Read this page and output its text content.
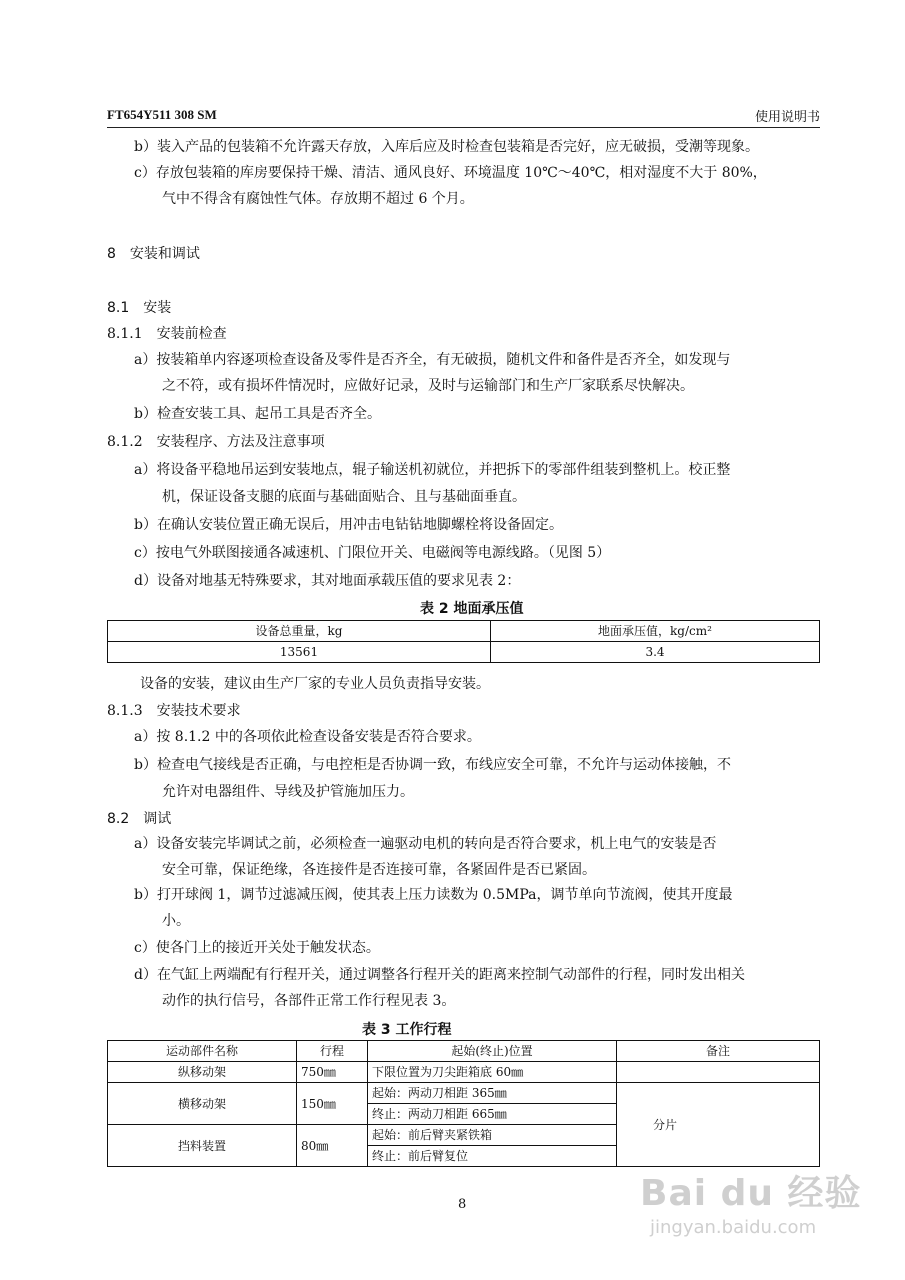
FT654Y511 308 SM	使用说明书
b）装入产品的包装箱不允许露天存放，入库后应及时检查包装箱是否完好，应无破损，受潮等现象。
c）存放包装箱的库房要保持干燥、清洁、通风良好、环境温度 10℃～40℃，相对湿度不大于 80%，
气中不得含有腐蚀性气体。存放期不超过 6 个月。
8　安装和调试
8.1　安装
8.1.1　安装前检查
a）按装箱单内容逐项检查设备及零件是否齐全，有无破损，随机文件和备件是否齐全，如发现与
之不符，或有损坏件情况时，应做好记录，及时与运输部门和生产厂家联系尽快解决。
b）检查安装工具、起吊工具是否齐全。
8.1.2　安装程序、方法及注意事项
a）将设备平稳地吊运到安装地点，辊子输送机初就位，并把拆下的零部件组装到整机上。校正整
机，保证设备支腿的底面与基础面贴合、且与基础面垂直。
b）在确认安装位置正确无误后，用冲击电钻钻地脚螺栓将设备固定。
c）按电气外联图接通各减速机、门限位开关、电磁阀等电源线路。（见图 5）
d）设备对地基无特殊要求，其对地面承载压值的要求见表 2：
表 2 地面承压值
设备总重量，kg	地面承压值，kg/cm²
13561	3.4
设备的安装，建议由生产厂家的专业人员负责指导安装。
8.1.3　安装技术要求
a）按 8.1.2 中的各项依此检查设备安装是否符合要求。
b）检查电气接线是否正确，与电控柜是否协调一致，布线应安全可靠，不允许与运动体接触，不
允许对电器组件、导线及护管施加压力。
8.2　调试
a）设备安装完毕调试之前，必须检查一遍驱动电机的转向是否符合要求，机上电气的安装是否
安全可靠，保证绝缘，各连接件是否连接可靠，各紧固件是否已紧固。
b）打开球阀 1，调节过滤减压阀，使其表上压力读数为 0.5MPa，调节单向节流阀，使其开度最
小。
c）使各门上的接近开关处于触发状态。
d）在气缸上两端配有行程开关，通过调整各行程开关的距离来控制气动部件的行程，同时发出相关
动作的执行信号，各部件正常工作行程见表 3。
表 3 工作行程
运动部件名称	行程	起始(终止)位置	备注
纵移动架	750㎜	下限位置为刀尖距箱底 60㎜	
横移动架	150㎜	起始：两动刀相距 365㎜	分片
		终止：两动刀相距 665㎜	
挡料装置	80㎜	起始：前后臂夹紧铁箱	
		终止：前后臂复位	
8	Bai du 经验
jingyan.baidu.com
